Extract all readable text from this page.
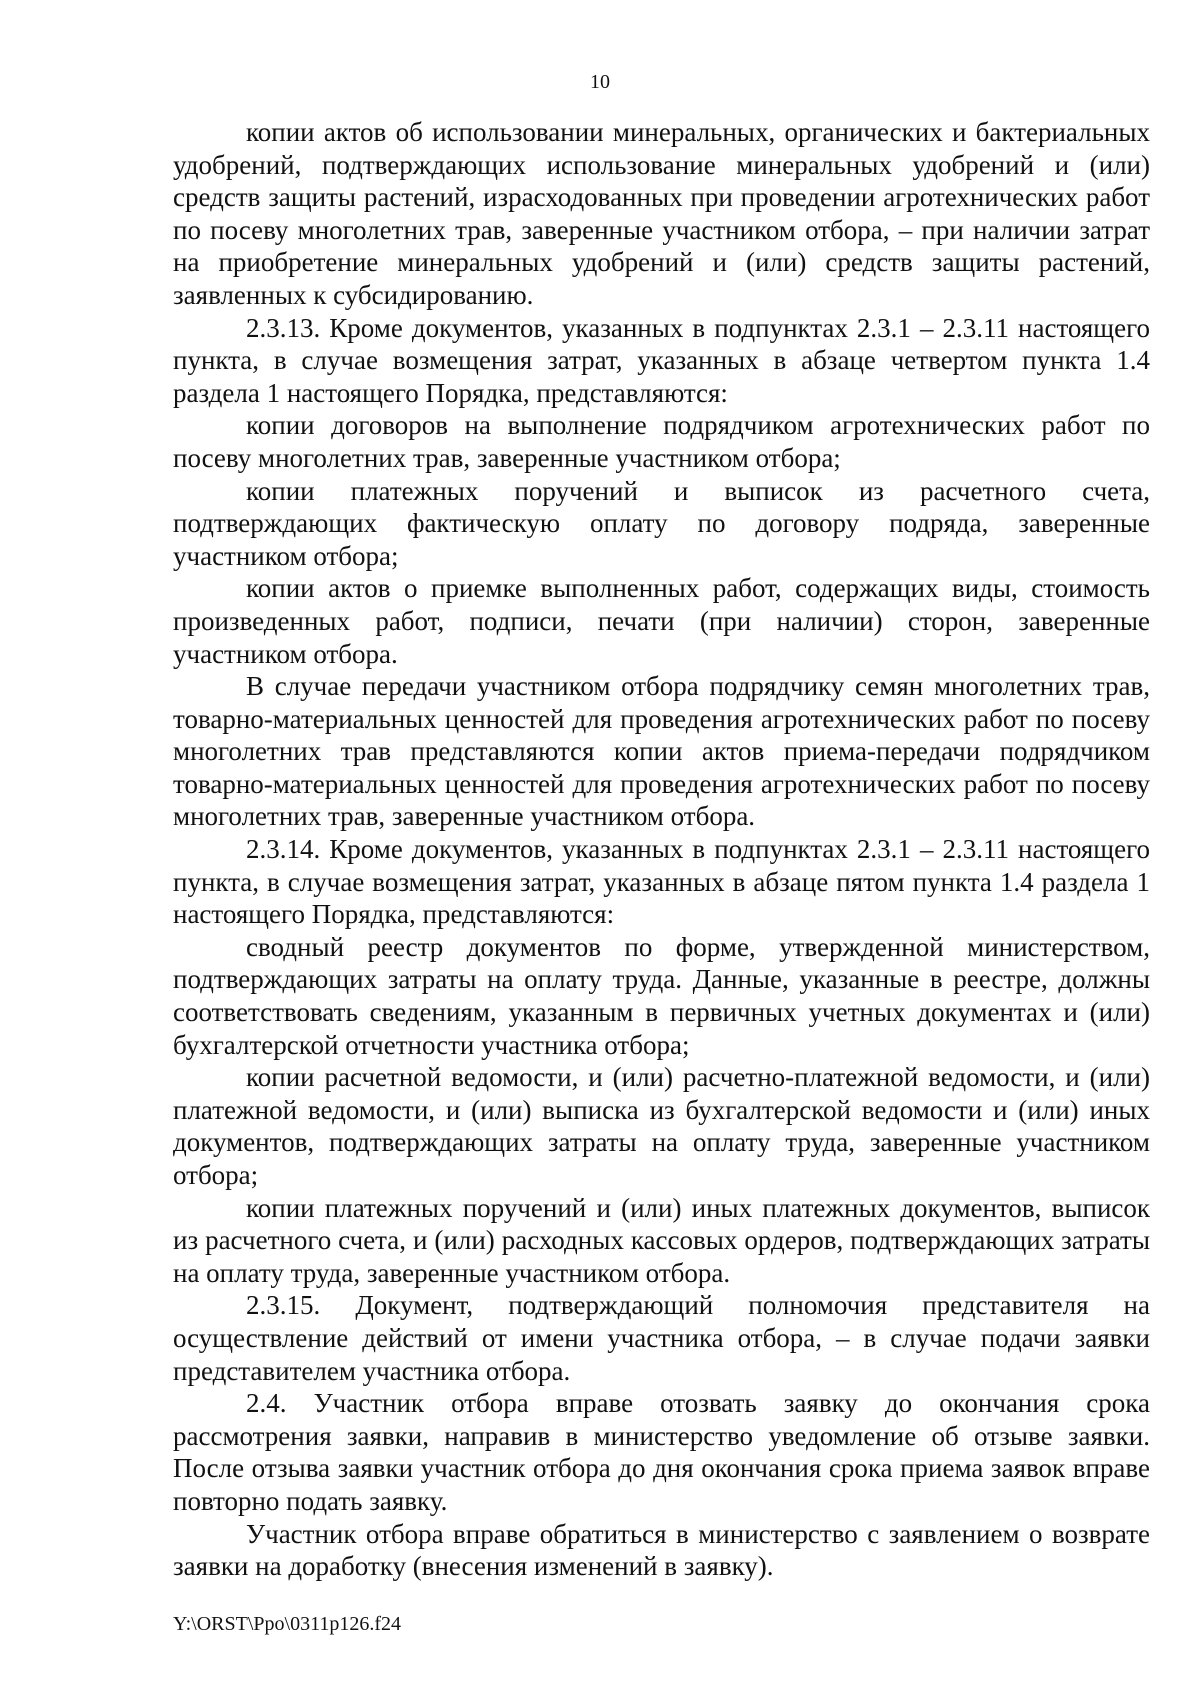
10

копии актов об использовании минеральных, органических и бактериальных удобрений, подтверждающих использование минеральных удобрений и (или) средств защиты растений, израсходованных при проведении агротехнических работ по посеву многолетних трав, заверенные участником отбора, – при наличии затрат на приобретение минеральных удобрений и (или) средств защиты растений, заявленных к субсидированию.

2.3.13. Кроме документов, указанных в подпунктах 2.3.1 – 2.3.11 настоящего пункта, в случае возмещения затрат, указанных в абзаце четвертом пункта 1.4 раздела 1 настоящего Порядка, представляются:

копии договоров на выполнение подрядчиком агротехнических работ по посеву многолетних трав, заверенные участником отбора;

копии платежных поручений и выписок из расчетного счета, подтверждающих фактическую оплату по договору подряда, заверенные участником отбора;

копии актов о приемке выполненных работ, содержащих виды, стоимость произведенных работ, подписи, печати (при наличии) сторон, заверенные участником отбора.

В случае передачи участником отбора подрядчику семян многолетних трав, товарно-материальных ценностей для проведения агротехнических работ по посеву многолетних трав представляются копии актов приема-передачи подрядчиком товарно-материальных ценностей для проведения агротехнических работ по посеву многолетних трав, заверенные участником отбора.

2.3.14. Кроме документов, указанных в подпунктах 2.3.1 – 2.3.11 настоящего пункта, в случае возмещения затрат, указанных в абзаце пятом пункта 1.4 раздела 1 настоящего Порядка, представляются:

сводный реестр документов по форме, утвержденной министерством, подтверждающих затраты на оплату труда. Данные, указанные в реестре, должны соответствовать сведениям, указанным в первичных учетных документах и (или) бухгалтерской отчетности участника отбора;

копии расчетной ведомости, и (или) расчетно-платежной ведомости, и (или) платежной ведомости, и (или) выписка из бухгалтерской ведомости и (или) иных документов, подтверждающих затраты на оплату труда, заверенные участником отбора;

копии платежных поручений и (или) иных платежных документов, выписок из расчетного счета, и (или) расходных кассовых ордеров, подтверждающих затраты на оплату труда, заверенные участником отбора.

2.3.15. Документ, подтверждающий полномочия представителя на осуществление действий от имени участника отбора, – в случае подачи заявки представителем участника отбора.

2.4. Участник отбора вправе отозвать заявку до окончания срока рассмотрения заявки, направив в министерство уведомление об отзыве заявки. После отзыва заявки участник отбора до дня окончания срока приема заявок вправе повторно подать заявку.

Участник отбора вправе обратиться в министерство с заявлением о возврате заявки на доработку (внесения изменений в заявку).

Y:\ORST\Ppo\0311p126.f24
